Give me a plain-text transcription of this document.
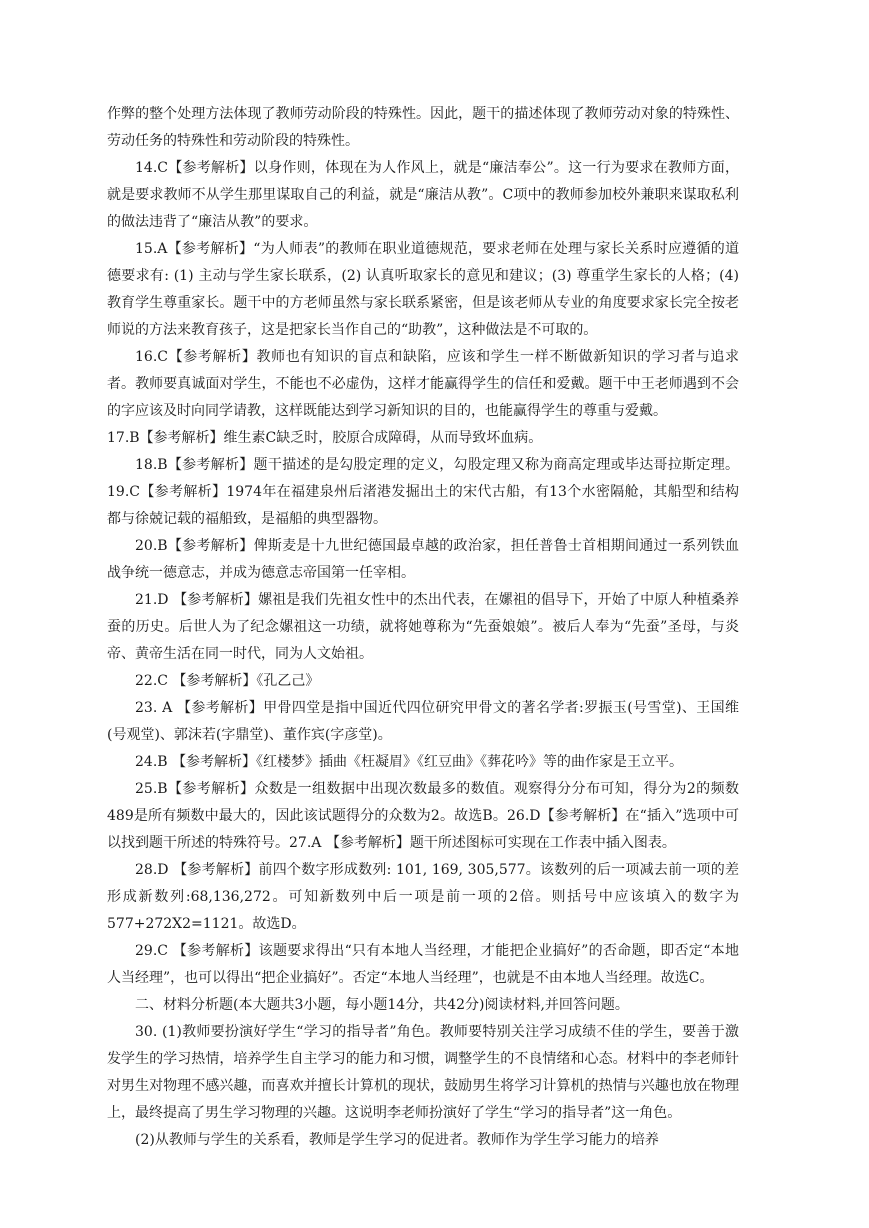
作弊的整个处理方法体现了教师劳动阶段的特殊性。因此，题干的描述体现了教师劳动对象的特殊性、劳动任务的特殊性和劳动阶段的特殊性。

14.C【参考解析】以身作则，体现在为人作风上，就是“廉洁奉公”。这一行为要求在教师方面，就是要求教师不从学生那里谋取自己的利益，就是“廉洁从教”。C项中的教师参加校外兼职来谋取私利的做法违背了“廉洁从教”的要求。

15.A【参考解析】“为人师表”的教师在职业道德规范，要求老师在处理与家长关系时应遵循的道德要求有: (1) 主动与学生家长联系，(2) 认真听取家长的意见和建议；(3) 尊重学生家长的人格；(4) 教育学生尊重家长。题干中的方老师虽然与家长联系紧密，但是该老师从专业的角度要求家长完全按老师说的方法来教育孩子，这是把家长当作自己的“助教”，这种做法是不可取的。

16.C【参考解析】教师也有知识的盲点和缺陷，应该和学生一样不断做新知识的学习者与追求者。教师要真诚面对学生，不能也不必虚伪，这样才能赢得学生的信任和爱戴。题干中王老师遇到不会的字应该及时向同学请教，这样既能达到学习新知识的目的，也能赢得学生的尊重与爱戴。

17.B【参考解析】维生素C缺乏时，胶原合成障碍，从而导致坏血病。

18.B【参考解析】题干描述的是勾股定理的定义，勾股定理又称为商高定理或毕达哥拉斯定理。19.C【参考解析】1974年在福建泉州后渚港发掘出土的宋代古船，有13个水密隔舱，其船型和结构都与徐兢记载的福船致，是福船的典型器物。

20.B【参考解析】俾斯麦是十九世纪德国最卓越的政治家，担任普鲁士首相期间通过一系列铁血战争统一德意志，并成为德意志帝国第一任宰相。

21.D 【参考解析】嫘祖是我们先祖女性中的杰出代表，在嫘祖的倡导下，开始了中原人种植桑养蚕的历史。后世人为了纪念嫘祖这一功绩，就将她尊称为“先蚕娘娘”。被后人奉为“先蚕”圣母，与炎帝、黄帝生活在同一时代，同为人文始祖。

22.C 【参考解析】《孔乙己》

23. A 【参考解析】甲骨四堂是指中国近代四位研究甲骨文的著名学者:罗振玉(号雪堂)、王国维(号观堂)、郭沫若(字鼎堂)、董作宾(字彦堂)。

24.B 【参考解析】《红楼梦》插曲《枉凝眉》《红豆曲》《葬花吟》等的曲作家是王立平。

25.B【参考解析】众数是一组数据中出现次数最多的数值。观察得分分布可知，得分为2的频数489是所有频数中最大的，因此该试题得分的众数为2。故选B。26.D【参考解析】在“插入”选项中可以找到题干所述的特殊符号。27.A 【参考解析】题干所述图标可实现在工作表中插入图表。

28.D 【参考解析】前四个数字形成数列: 101, 169, 305,577。该数列的后一项减去前一项的差形成新数列:68,136,272。可知新数列中后一项是前一项的2倍。则括号中应该填入的数字为577+272X2=1121。故选D。

29.C 【参考解析】该题要求得出“只有本地人当经理，才能把企业搞好”的否命题，即否定“本地人当经理”，也可以得出“把企业搞好”。否定“本地人当经理”，也就是不由本地人当经理。故选C。

二、材料分析题(本大题共3小题，每小题14分，共42分)阅读材料,并回答问题。

30. (1)教师要扮演好学生“学习的指导者”角色。教师要特别关注学习成绩不佳的学生，要善于激发学生的学习热情，培养学生自主学习的能力和习惯，调整学生的不良情绪和心态。材料中的李老师针对男生对物理不感兴趣，而喜欢并擅长计算机的现状，鼓励男生将学习计算机的热情与兴趣也放在物理上，最终提高了男生学习物理的兴趣。这说明李老师扮演好了学生“学习的指导者”这一角色。

(2)从教师与学生的关系看，教师是学生学习的促进者。教师作为学生学习能力的培养
